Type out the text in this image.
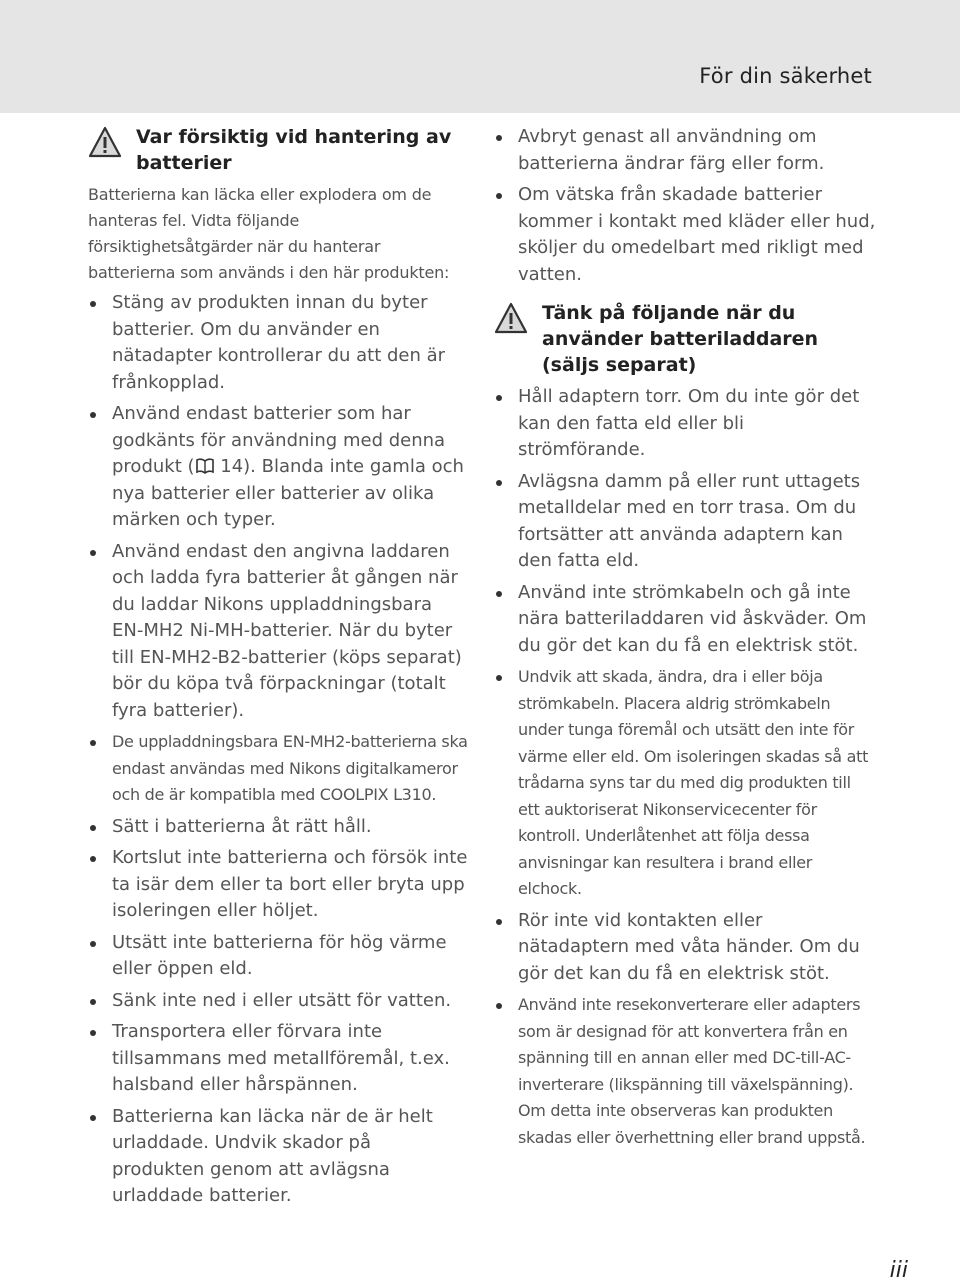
För din säkerhet
Var försiktig vid hantering av
batterier
Batterierna kan läcka eller explodera om de hanteras fel. Vidta följande försiktighetsåtgärder när du hanterar batterierna som används i den här produkten:
Stäng av produkten innan du byter batterier. Om du använder en nätadapter kontrollerar du att den är frånkopplad.
Använd endast batterier som har godkänts för användning med denna produkt ( 14). Blanda inte gamla och nya batterier eller batterier av olika märken och typer.
Använd endast den angivna laddaren och ladda fyra batterier åt gången när du laddar Nikons uppladdningsbara EN-MH2 Ni-MH-batterier. När du byter till EN-MH2-B2-batterier (köps separat) bör du köpa två förpackningar (totalt fyra batterier).
De uppladdningsbara EN-MH2-batterierna ska endast användas med Nikons digitalkameror och de är kompatibla med COOLPIX L310.
Sätt i batterierna åt rätt håll.
Kortslut inte batterierna och försök inte ta isär dem eller ta bort eller bryta upp isoleringen eller höljet.
Utsätt inte batterierna för hög värme eller öppen eld.
Sänk inte ned i eller utsätt för vatten.
Transportera eller förvara inte tillsammans med metallföremål, t.ex. halsband eller hårspännen.
Batterierna kan läcka när de är helt urladdade. Undvik skador på produkten genom att avlägsna urladdade batterier.
Avbryt genast all användning om batterierna ändrar färg eller form.
Om vätska från skadade batterier kommer i kontakt med kläder eller hud, sköljer du omedelbart med rikligt med vatten.
Tänk på följande när du använder batteriladdaren (säljs separat)
Håll adaptern torr. Om du inte gör det kan den fatta eld eller bli strömförande.
Avlägsna damm på eller runt uttagets metalldelar med en torr trasa. Om du fortsätter att använda adaptern kan den fatta eld.
Använd inte strömkabeln och gå inte nära batteriladdaren vid åskväder. Om du gör det kan du få en elektrisk stöt.
Undvik att skada, ändra, dra i eller böja strömkabeln. Placera aldrig strömkabeln under tunga föremål och utsätt den inte för värme eller eld. Om isoleringen skadas så att trådarna syns tar du med dig produkten till ett auktoriserat Nikonservicecenter för kontroll. Underlåtenhet att följa dessa anvisningar kan resultera i brand eller elchock.
Rör inte vid kontakten eller nätadaptern med våta händer. Om du gör det kan du få en elektrisk stöt.
Använd inte resekonverterare eller adapters som är designad för att konvertera från en spänning till en annan eller med DC-till-AC-inverterare (likspänning till växelspänning). Om detta inte observeras kan produkten skadas eller överhettning eller brand uppstå.
iii
